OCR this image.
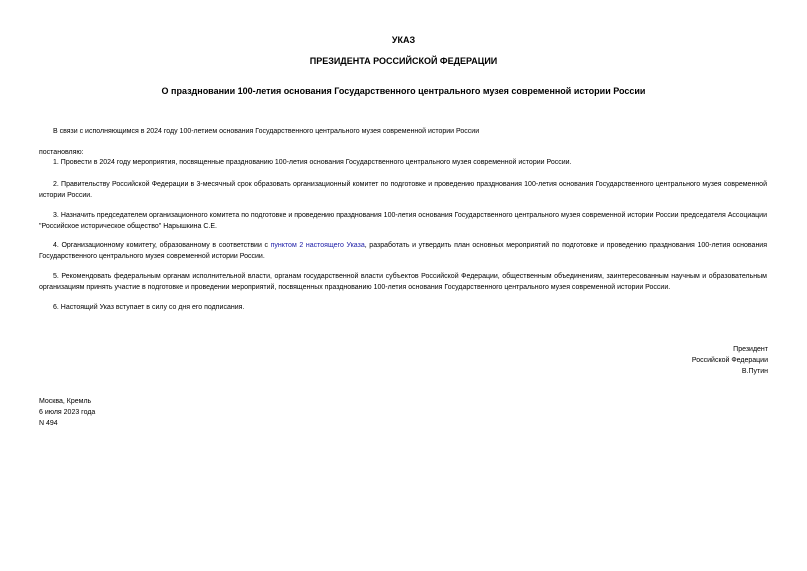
УКАЗ
ПРЕЗИДЕНТА РОССИЙСКОЙ ФЕДЕРАЦИИ
О праздновании 100-летия основания Государственного центрального музея современной истории России
В связи с исполняющимся в 2024 году 100-летием основания Государственного центрального музея современной истории России
постановляю:
1. Провести в 2024 году мероприятия, посвященные празднованию 100-летия основания Государственного центрального музея современной истории России.
2. Правительству Российской Федерации в 3-месячный срок образовать организационный комитет по подготовке и проведению празднования 100-летия основания Государственного центрального музея современной истории России.
3. Назначить председателем организационного комитета по подготовке и проведению празднования 100-летия основания Государственного центрального музея современной истории России председателя Ассоциации "Российское историческое общество" Нарышкина С.Е.
4. Организационному комитету, образованному в соответствии с пунктом 2 настоящего Указа, разработать и утвердить план основных мероприятий по подготовке и проведению празднования 100-летия основания Государственного центрального музея современной истории России.
5. Рекомендовать федеральным органам исполнительной власти, органам государственной власти субъектов Российской Федерации, общественным объединениям, заинтересованным научным и образовательным организациям принять участие в подготовке и проведении мероприятий, посвященных празднованию 100-летия основания Государственного центрального музея современной истории России.
6. Настоящий Указ вступает в силу со дня его подписания.
Президент
Российской Федерации
В.Путин
Москва, Кремль
6 июля 2023 года
N 494
